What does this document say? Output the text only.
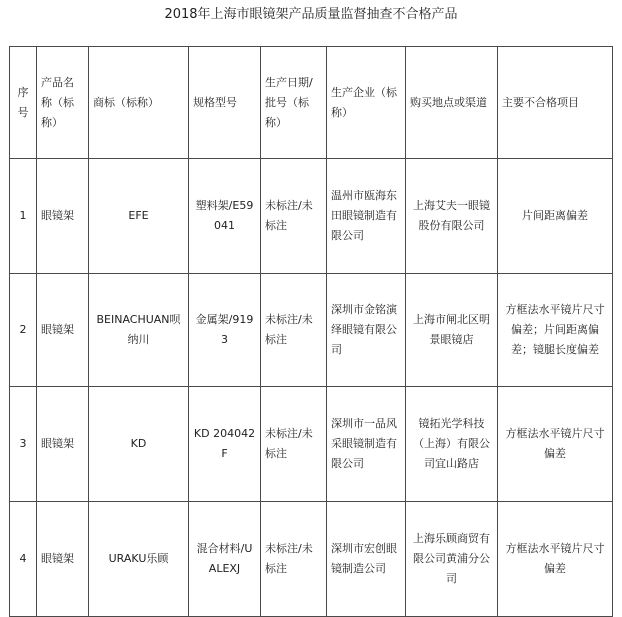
2018年上海市眼镜架产品质量监督抽查不合格产品
序号	产品名称（标称）	商标（标称）	规格型号	生产日期/批号（标称）	生产企业（标称）	购买地点或渠道	主要不合格项目

1	眼镜架	EFE	塑料架/E59041	未标注/未标注	温州市瓯海东田眼镜制造有限公司	上海艾夫一眼镜股份有限公司	片间距离偏差
2	眼镜架	BEINACHUAN呗纳川	金属架/9193	未标注/未标注	深圳市金铭演绎眼镜有限公司	上海市闸北区明景眼镜店	方框法水平镜片尺寸偏差；片间距离偏差；镜腿长度偏差
3	眼镜架	KD	KD 204042F	未标注/未标注	深圳市一品风采眼镜制造有限公司	镜拓光学科技（上海）有限公司宜山路店	方框法水平镜片尺寸偏差
4	眼镜架	URAKU乐顾	混合材料/UALEXJ	未标注/未标注	深圳市宏创眼镜制造公司	上海乐顾商贸有限公司黄浦分公司	方框法水平镜片尺寸偏差
